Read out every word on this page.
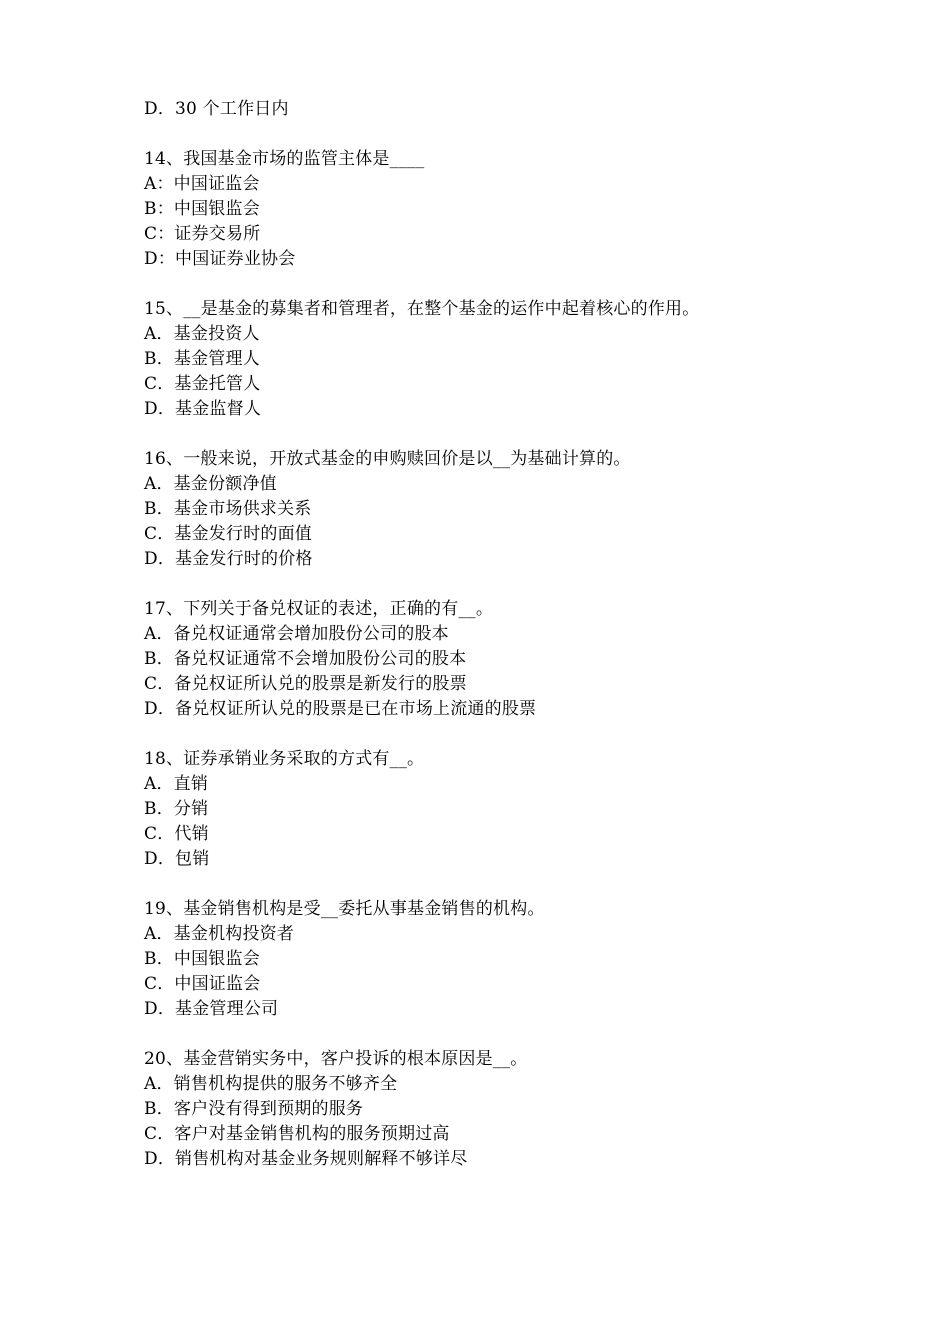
D．30 个工作日内
14、我国基金市场的监管主体是____
A：中国证监会
B：中国银监会
C：证券交易所
D：中国证券业协会
15、__是基金的募集者和管理者，在整个基金的运作中起着核心的作用。
A．基金投资人
B．基金管理人
C．基金托管人
D．基金监督人
16、一般来说，开放式基金的申购赎回价是以__为基础计算的。
A．基金份额净值
B．基金市场供求关系
C．基金发行时的面值
D．基金发行时的价格
17、下列关于备兑权证的表述，正确的有__。
A．备兑权证通常会增加股份公司的股本
B．备兑权证通常不会增加股份公司的股本
C．备兑权证所认兑的股票是新发行的股票
D．备兑权证所认兑的股票是已在市场上流通的股票
18、证券承销业务采取的方式有__。
A．直销
B．分销
C．代销
D．包销
19、基金销售机构是受__委托从事基金销售的机构。
A．基金机构投资者
B．中国银监会
C．中国证监会
D．基金管理公司
20、基金营销实务中，客户投诉的根本原因是__。
A．销售机构提供的服务不够齐全
B．客户没有得到预期的服务
C．客户对基金销售机构的服务预期过高
D．销售机构对基金业务规则解释不够详尽
